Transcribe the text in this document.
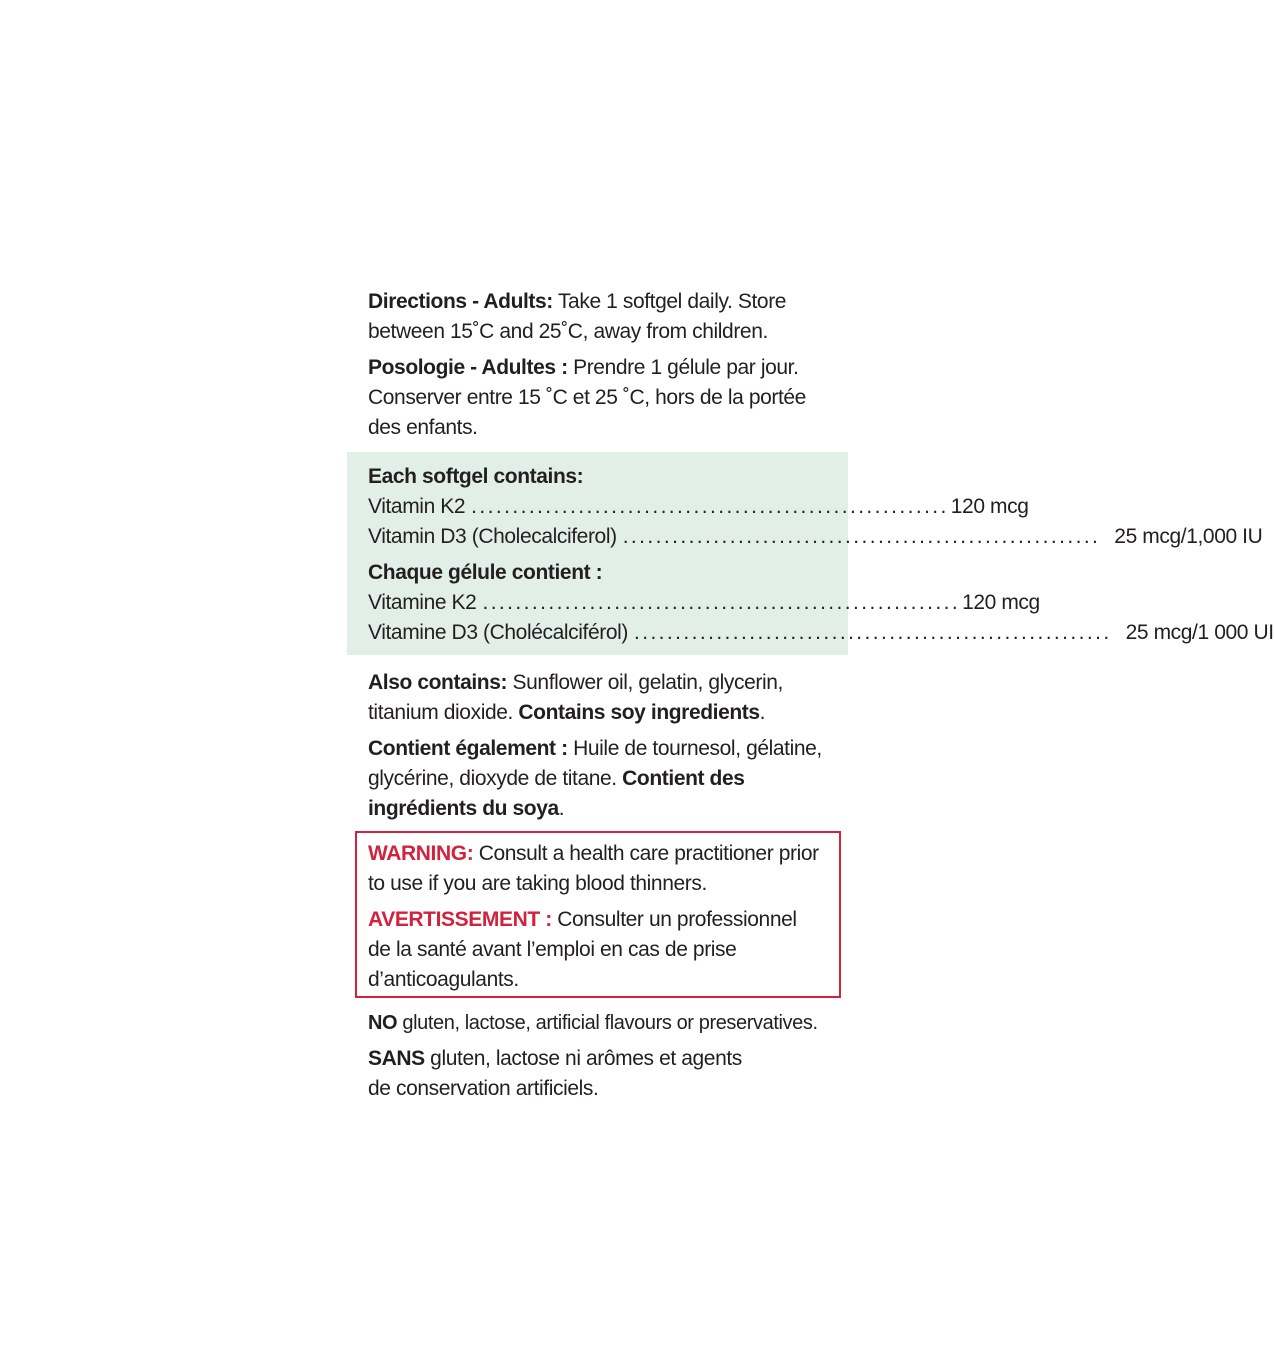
Directions - Adults: Take 1 softgel daily. Store between 15˚C and 25˚C, away from children.

Posologie - Adultes : Prendre 1 gélule par jour. Conserver entre 15 ˚C et 25 ˚C, hors de la portée des enfants.

Each softgel contains:

Vitamin K2 .......................................................... 120 mcg
Vitamin D3 (Cholecalciferol) .......................................................... 25 mcg/1,000 IU

Chaque gélule contient :

Vitamine K2 .......................................................... 120 mcg
Vitamine D3 (Cholécalciférol) .......................................................... 25 mcg/1 000 UI

Also contains: Sunflower oil, gelatin, glycerin, titanium dioxide. Contains soy ingredients.

Contient également : Huile de tournesol, gélatine, glycérine, dioxyde de titane. Contient des ingrédients du soya.

WARNING: Consult a health care practitioner prior to use if you are taking blood thinners.

AVERTISSEMENT : Consulter un professionnel de la santé avant l’emploi en cas de prise d’anticoagulants.

NO gluten, lactose, artificial flavours or preservatives.

SANS gluten, lactose ni arômes et agents de conservation artificiels.
